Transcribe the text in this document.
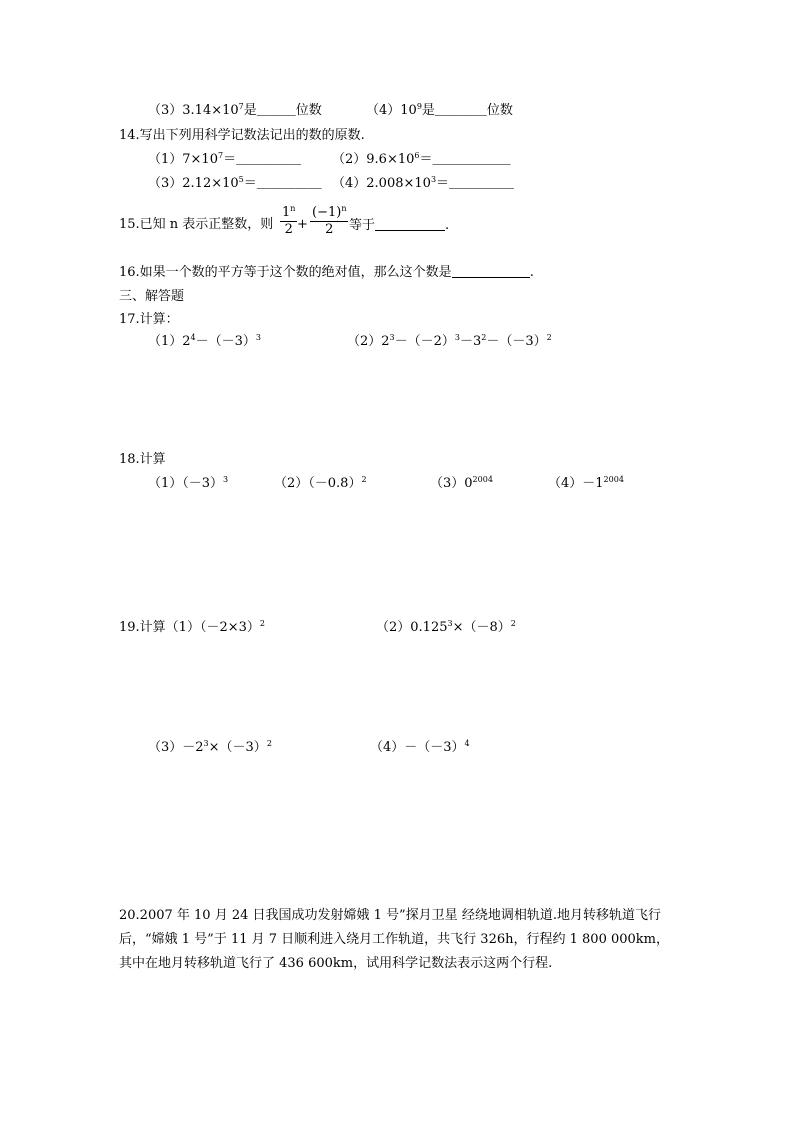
$(3)3.14\times 10^7$是＿＿＿位数	$(4)10^9$是＿＿＿＿位数
14.写出下列用科学记数法记出的数的原数.
$(1)7\times 10^7=\_\_\_\_\_$ $(2)9.6\times 10^6=\_\_\_\_\_\_$
$(3)2.12\times 10^5=\_\_\_\_\_$ $(4)2.008\times 10^3=\_\_\_\_\_$
15.已知 n 表示正整数，则
1$^n$
2 +
$(-1)^n$
2	等于	.
16.如果一个数的平方等于这个数的绝对值，那么这个数是	.
三、解答题
17.计算：
$(1)2^4-(-3)^3$	$(2)2^3-(-2)^3-3^2-(-3)^2$
18.计算
$(1)(-3)^3$	$(2)(-0.8)^2$	$(3)0^{2004}$	$(4)-1^{2004}$
19.计算$(1)(-2\times 3)^2$	$(2)0.125^3\times(-8)^2$
$(3)-2^3\times(-3)^2$	$(4)-(-3)^4$
20.2007 年 10 月 24 日我国成功发射嫦娥 1 号”探月卫星 经绕地调相轨道.地月转移轨道飞行
后，“嫦娥 1 号”于 11 月 7 日顺利进入绕月工作轨道，共飞行 326h，行程约 1 800 000km，
其中在地月转移轨道飞行了 436 600km，试用科学记数法表示这两个行程.
